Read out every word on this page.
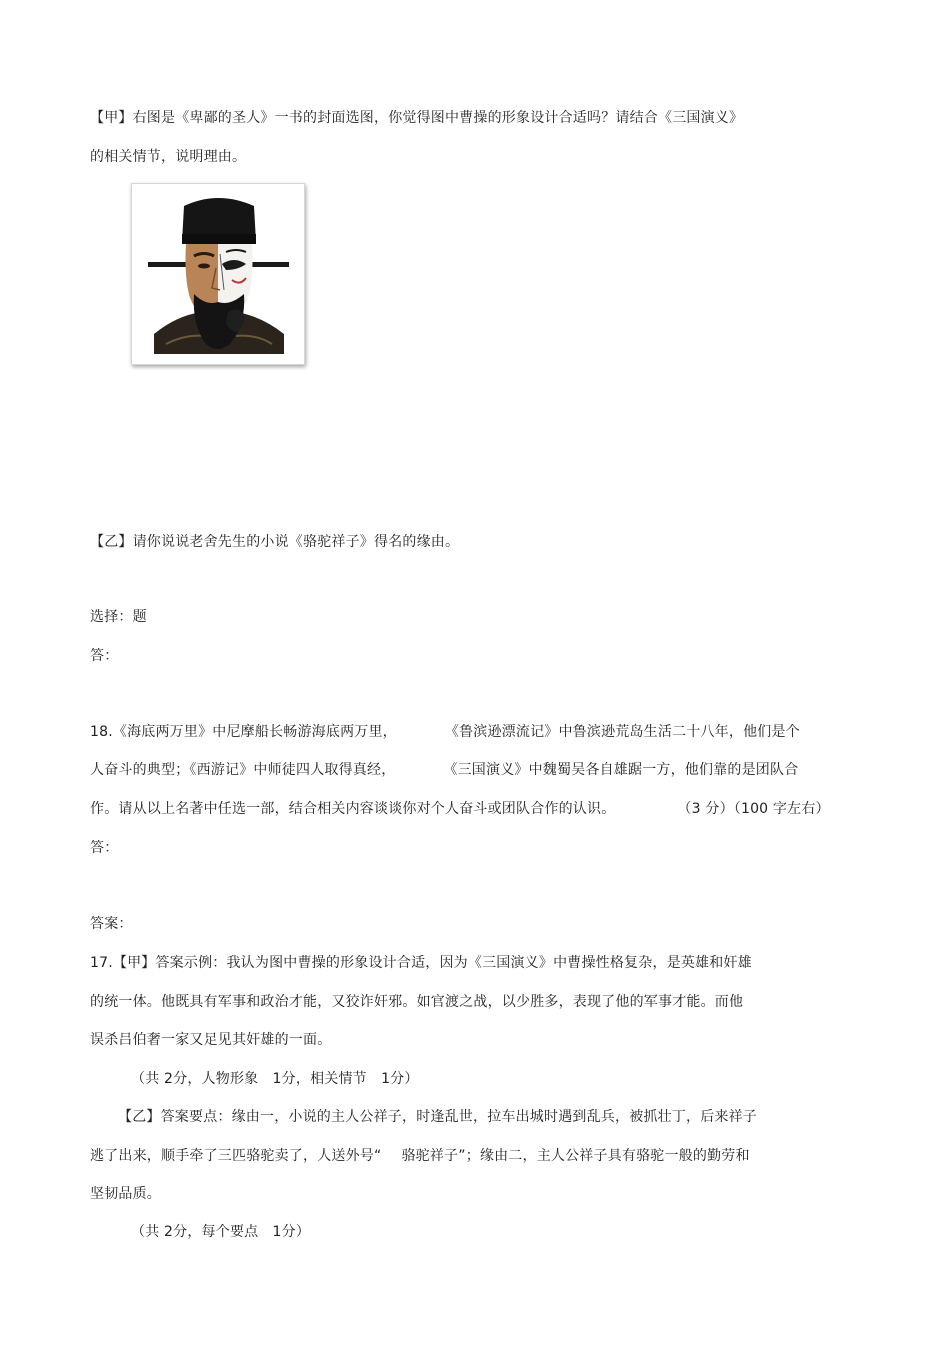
【甲】右图是《卑鄙的圣人》一书的封面选图，你觉得图中曹操的形象设计合适吗？请结合《三国演义》
的相关情节，说明理由。
【乙】请你说说老舍先生的小说《骆驼祥子》得名的缘由。
选择：题
答：
18.《海底两万里》中尼摩船长畅游海底两万里，	《鲁滨逊漂流记》中鲁滨逊荒岛生活二十八年，他们是个
人奋斗的典型；《西游记》中师徒四人取得真经，	《三国演义》中魏蜀吴各自雄踞一方，他们靠的是团队合
作。请从以上名著中任选一部，结合相关内容谈谈你对个人奋斗或团队合作的认识。	（3 分）（100 字左右）
答：
答案：
17.【甲】答案示例：我认为图中曹操的形象设计合适，因为《三国演义》中曹操性格复杂，是英雄和奸雄
的统一体。他既具有军事和政治才能，又狡诈奸邪。如官渡之战，以少胜多，表现了他的军事才能。而他
误杀吕伯奢一家又足见其奸雄的一面。
（共 2分，人物形象　1分，相关情节　1分）
【乙】答案要点：缘由一，小说的主人公祥子，时逢乱世，拉车出城时遇到乱兵，被抓壮丁，后来祥子
逃了出来，顺手牵了三匹骆驼卖了，人送外号“ 骆驼祥子”；缘由二，主人公祥子具有骆驼一般的勤劳和
坚韧品质。
（共 2分，每个要点　1分）
